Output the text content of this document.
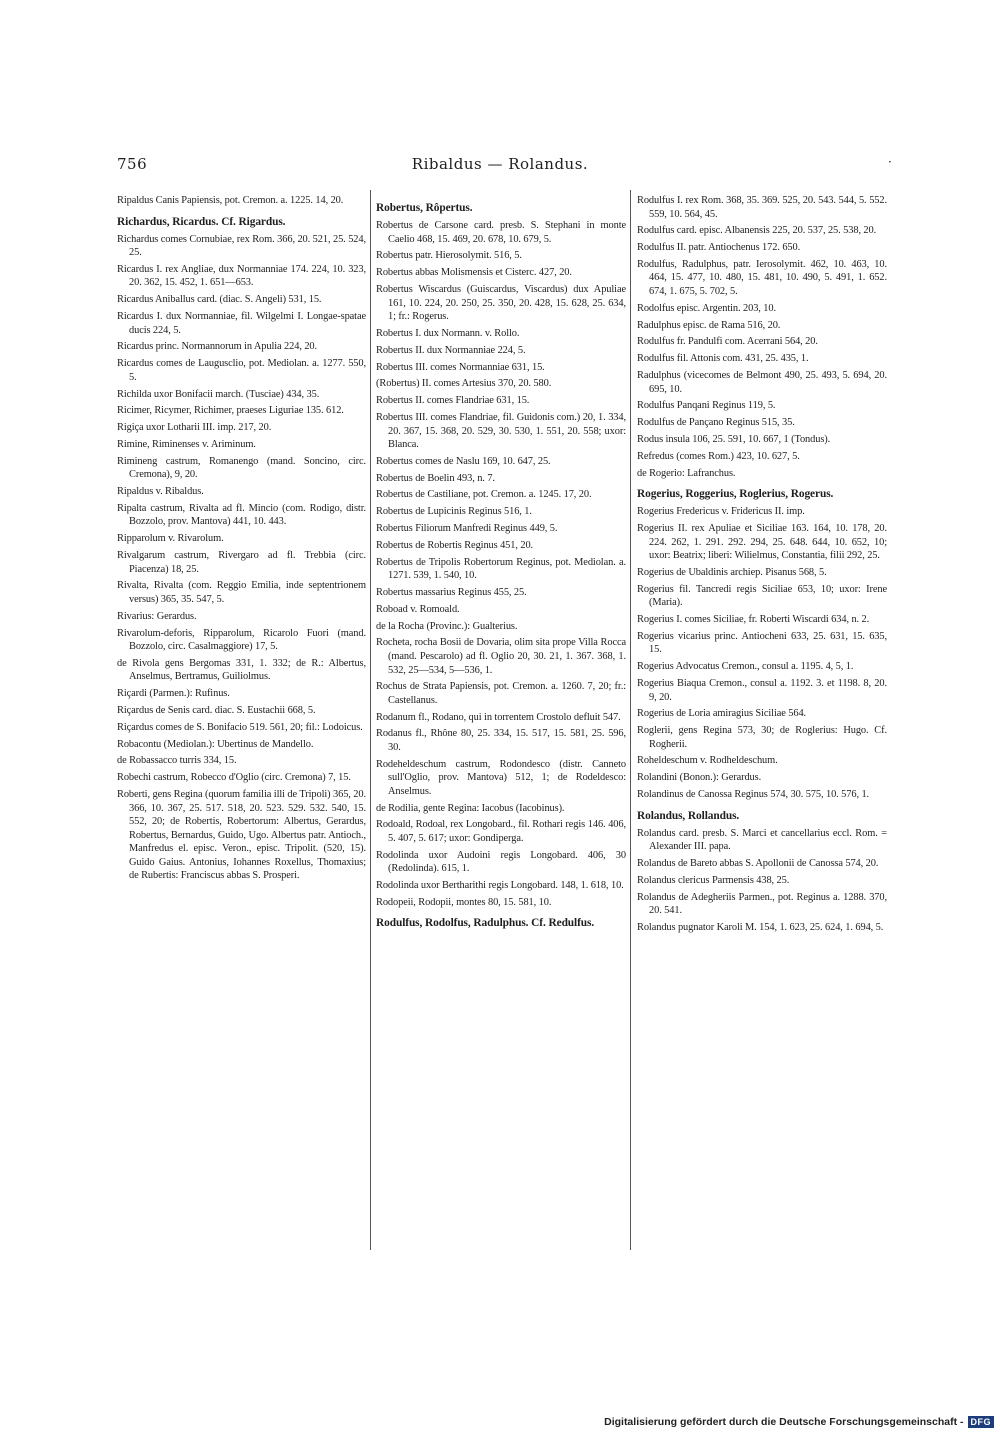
756	Ribaldus — Rolandus.	·

Ripaldus Canis Papiensis, pot. Cremon. a. 1225. 14, 20.

Richardus, Ricardus. Cf. Rigardus.

Richardus comes Cornubiae, rex Rom. 366, 20. 521, 25. 524, 25.

Ricardus I. rex Angliae, dux Normanniae 174. 224, 10. 323, 20. 362, 15. 452, 1. 651—653.

Ricardus Aniballus card. (diac. S. Angeli) 531, 15.

Ricardus I. dux Normanniae, fil. Wilgelmi I. Longae-spatae ducis 224, 5.

Ricardus princ. Normannorum in Apulia 224, 20.

Ricardus comes de Laugusclio, pot. Mediolan. a. 1277. 550, 5.

Richilda uxor Bonifacii march. (Tusciae) 434, 35.

Ricimer, Ricymer, Richimer, praeses Liguriae 135. 612.

Rigiça uxor Lotharii III. imp. 217, 20.

Rimine, Riminenses v. Ariminum.

Rimineng castrum, Romanengo (mand. Soncino, circ. Cremona), 9, 20.

Ripaldus v. Ribaldus.

Ripalta castrum, Rivalta ad fl. Mincio (com. Rodigo, distr. Bozzolo, prov. Mantova) 441, 10. 443.

Ripparolum v. Rivarolum.

Rivalgarum castrum, Rivergaro ad fl. Trebbia (circ. Piacenza) 18, 25.

Rivalta, Rivalta (com. Reggio Emilia, inde septentrionem versus) 365, 35. 547, 5.

Rivarius: Gerardus.

Rivarolum-deforis, Ripparolum, Ricarolo Fuori (mand. Bozzolo, circ. Casalmaggiore) 17, 5.

de Rivola gens Bergomas 331, 1. 332; de R.: Albertus, Anselmus, Bertramus, Guiliolmus.

Riçardi (Parmen.): Rufinus.

Riçardus de Senis card. diac. S. Eustachii 668, 5.

Riçardus comes de S. Bonifacio 519. 561, 20; fil.: Lodoicus.

Robacontu (Mediolan.): Ubertinus de Mandello.

de Robassacco turris 334, 15.

Robechi castrum, Robecco d'Oglio (circ. Cremona) 7, 15.

Roberti, gens Regina (quorum familia illi de Tripoli) 365, 20. 366, 10. 367, 25. 517. 518, 20. 523. 529. 532. 540, 15. 552, 20; de Robertis, Robertorum: Albertus, Gerardus, Robertus, Bernardus, Guido, Ugo. Albertus patr. Antioch., Manfredus el. episc. Veron., episc. Tripolit. (520, 15). Guido Gaius. Antonius, Iohannes Roxellus, Thomaxius; de Rubertis: Franciscus abbas S. Prosperi.

Robertus, Rôpertus.

Robertus de Carsone card. presb. S. Stephani in monte Caelio 468, 15. 469, 20. 678, 10. 679, 5.

Robertus patr. Hierosolymit. 516, 5.

Robertus abbas Molismensis et Cisterc. 427, 20.

Robertus Wiscardus (Guiscardus, Viscardus) dux Apuliae 161, 10. 224, 20. 250, 25. 350, 20. 428, 15. 628, 25. 634, 1; fr.: Rogerus.

Robertus I. dux Normann. v. Rollo.

Robertus II. dux Normanniae 224, 5.

Robertus III. comes Normanniae 631, 15.

(Robertus) II. comes Artesius 370, 20. 580.

Robertus II. comes Flandriae 631, 15.

Robertus III. comes Flandriae, fil. Guidonis com.) 20, 1. 334, 20. 367, 15. 368, 20. 529, 30. 530, 1. 551, 20. 558; uxor: Blanca.

Robertus comes de Naslu 169, 10. 647, 25.

Robertus de Boelin 493, n. 7.

Robertus de Castiliane, pot. Cremon. a. 1245. 17, 20.

Robertus de Lupicinis Reginus 516, 1.

Robertus Filiorum Manfredi Reginus 449, 5.

Robertus de Robertis Reginus 451, 20.

Robertus de Tripolis Robertorum Reginus, pot. Mediolan. a. 1271. 539, 1. 540, 10.

Robertus massarius Reginus 455, 25.

Roboad v. Romoald.

de la Rocha (Provinc.): Gualterius.

Rocheta, rocha Bosii de Dovaria, olim sita prope Villa Rocca (mand. Pescarolo) ad fl. Oglio 20, 30. 21, 1. 367. 368, 1. 532, 25—534, 5—536, 1.

Rochus de Strata Papiensis, pot. Cremon. a. 1260. 7, 20; fr.: Castellanus.

Rodanum fl., Rodano, qui in torrentem Crostolo defluit 547.

Rodanus fl., Rhône 80, 25. 334, 15. 517, 15. 581, 25. 596, 30.

Rodeheldeschum castrum, Rodondesco (distr. Canneto sull'Oglio, prov. Mantova) 512, 1; de Rodeldesco: Anselmus.

de Rodilia, gente Regina: Iacobus (Iacobinus).

Rodoald, Rodoal, rex Longobard., fil. Rothari regis 146. 406, 5. 407, 5. 617; uxor: Gondiperga.

Rodolinda uxor Audoini regis Longobard. 406, 30 (Redolinda). 615, 1.

Rodolinda uxor Bertharithi regis Longobard. 148, 1. 618, 10.

Rodopeii, Rodopii, montes 80, 15. 581, 10.

Rodulfus, Rodolfus, Radulphus. Cf. Redulfus.

Rodulfus I. rex Rom. 368, 35. 369. 525, 20. 543. 544, 5. 552. 559, 10. 564, 45.

Rodulfus card. episc. Albanensis 225, 20. 537, 25. 538, 20.

Rodulfus II. patr. Antiochenus 172. 650.

Rodulfus, Radulphus, patr. Ierosolymit. 462, 10. 463, 10. 464, 15. 477, 10. 480, 15. 481, 10. 490, 5. 491, 1. 652. 674, 1. 675, 5. 702, 5.

Rodolfus episc. Argentin. 203, 10.

Radulphus episc. de Rama 516, 20.

Rodulfus fr. Pandulfi com. Acerrani 564, 20.

Rodulfus fil. Attonis com. 431, 25. 435, 1.

Radulphus (vicecomes de Belmont 490, 25. 493, 5. 694, 20. 695, 10.

Rodulfus Panqani Reginus 119, 5.

Rodulfus de Pançano Reginus 515, 35.

Rodus insula 106, 25. 591, 10. 667, 1 (Tondus).

Refredus (comes Rom.) 423, 10. 627, 5.

de Rogerio: Lafranchus.

Rogerius, Roggerius, Roglerius, Rogerus.

Rogerius Fredericus v. Fridericus II. imp.

Rogerius II. rex Apuliae et Siciliae 163. 164, 10. 178, 20. 224. 262, 1. 291. 292. 294, 25. 648. 644, 10. 652, 10; uxor: Beatrix; liberi: Wilielmus, Constantia, filii 292, 25.

Rogerius de Ubaldinis archiep. Pisanus 568, 5.

Rogerius fil. Tancredi regis Siciliae 653, 10; uxor: Irene (Maria).

Rogerius I. comes Siciliae, fr. Roberti Wiscardi 634, n. 2.

Rogerius vicarius princ. Antiocheni 633, 25. 631, 15. 635, 15.

Rogerius Advocatus Cremon., consul a. 1195. 4, 5, 1.

Rogerius Biaqua Cremon., consul a. 1192. 3. et 1198. 8, 20. 9, 20.

Rogerius de Loria amiragius Siciliae 564.

Roglerii, gens Regina 573, 30; de Roglerius: Hugo. Cf. Rogherii.

Roheldeschum v. Rodheldeschum.

Rolandini (Bonon.): Gerardus.

Rolandinus de Canossa Reginus 574, 30. 575, 10. 576, 1.

Rolandus, Rollandus.

Rolandus card. presb. S. Marci et cancellarius eccl. Rom. = Alexander III. papa.

Rolandus de Bareto abbas S. Apollonii de Canossa 574, 20.

Rolandus clericus Parmensis 438, 25.

Rolandus de Adegheriis Parmen., pot. Reginus a. 1288. 370, 20. 541.

Rolandus pugnator Karoli M. 154, 1. 623, 25. 624, 1. 694, 5.

Digitalisierung gefördert durch die Deutsche Forschungsgemeinschaft - DFG
